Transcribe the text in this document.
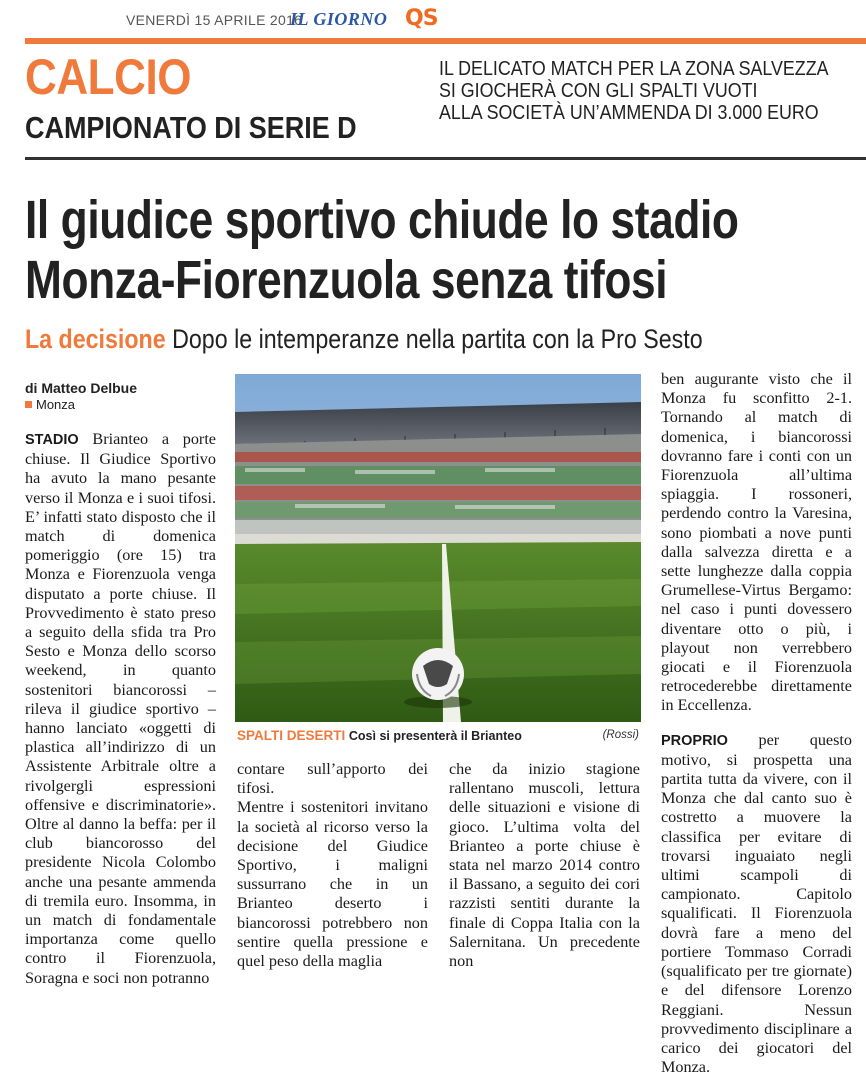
VENERDÌ 15 APRILE 2016
IL GIORNO QS
CALCIO
CAMPIONATO DI SERIE D
IL DELICATO MATCH PER LA ZONA SALVEZZA
SI GIOCHERÀ CON GLI SPALTI VUOTI
ALLA SOCIETÀ UN’AMMENDA DI 3.000 EURO
Il giudice sportivo chiude lo stadio
Monza-Fiorenzuola senza tifosi
La decisione Dopo le intemperanze nella partita con la Pro Sesto
di Matteo Delbue
Monza

STADIO Brianteo a porte chiuse. Il Giudice Sportivo ha avuto la mano pesante verso il Monza e i suoi tifosi. E’ infatti stato disposto che il match di domenica pomeriggio (ore 15) tra Monza e Fiorenzuola venga disputato a porte chiuse. Il Provvedimento è stato preso a seguito della sfida tra Pro Sesto e Monza dello scorso weekend, in quanto sostenitori biancorossi – rileva il giudice sportivo – hanno lanciato «oggetti di plastica all’indirizzo di un Assistente Arbitrale oltre a rivolgergli espressioni offensive e discriminatorie». Oltre al danno la beffa: per il club biancorosso del presidente Nicola Colombo anche una pesante ammenda di tremila euro. Insomma, in un match di fondamentale importanza come quello contro il Fiorenzuola, Soragna e soci non potranno

SPALTI DESERTI Così si presenterà il Brianteo	(Rossi)

contare sull’apporto dei tifosi.

Mentre i sostenitori invitano la società al ricorso verso la decisione del Giudice Sportivo, i maligni sussurrano che in un Brianteo deserto i biancorossi potrebbero non sentire quella pressione e quel peso della maglia

che da inizio stagione rallentano muscoli, lettura delle situazioni e visione di gioco. L’ultima volta del Brianteo a porte chiuse è stata nel marzo 2014 contro il Bassano, a seguito dei cori razzisti sentiti durante la finale di Coppa Italia con la Salernitana. Un precedente non

ben augurante visto che il Monza fu sconfitto 2-1. Tornando al match di domenica, i biancorossi dovranno fare i conti con un Fiorenzuola all’ultima spiaggia. I rossoneri, perdendo contro la Varesina, sono piombati a nove punti dalla salvezza diretta e a sette lunghezze dalla coppia Grumellese-Virtus Bergamo: nel caso i punti dovessero diventare otto o più, i playout non verrebbero giocati e il Fiorenzuola retrocederebbe direttamente in Eccellenza.

PROPRIO per questo motivo, si prospetta una partita tutta da vivere, con il Monza che dal canto suo è costretto a muovere la classifica per evitare di trovarsi inguaiato negli ultimi scampoli di campionato. Capitolo squalificati. Il Fiorenzuola dovrà fare a meno del portiere Tommaso Corradi (squalificato per tre giornate) e del difensore Lorenzo Reggiani. Nessun provvedimento disciplinare a carico dei giocatori del Monza.
